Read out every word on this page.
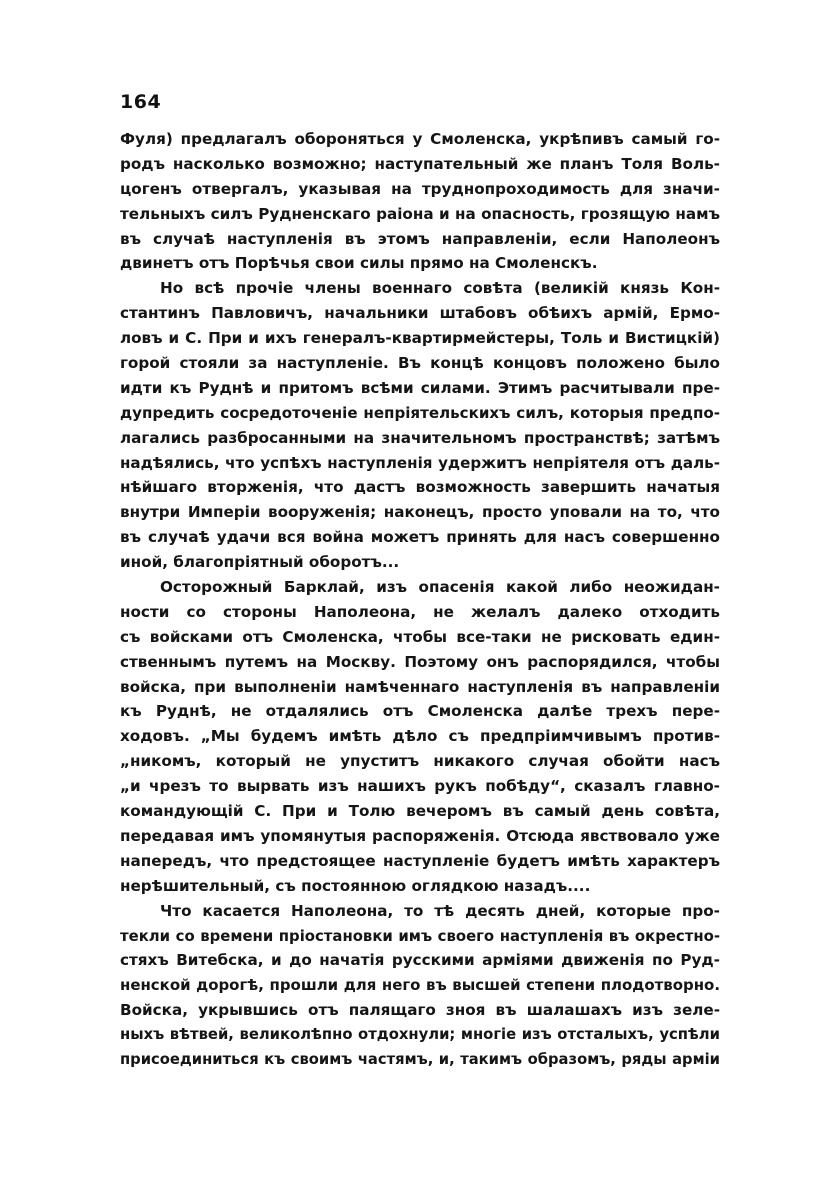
164
Фуля) предлагалъ обороняться у Смоленска, укрѣпивъ самый го-
родъ насколько возможно; наступательный же планъ Толя Воль-
цогенъ отвергалъ, указывая на труднопроходимость для значи-
тельныхъ силъ Рудненскаго раіона и на опасность, грозящую намъ
въ случаѣ наступленія въ этомъ направленіи, если Наполеонъ
двинетъ отъ Порѣчья свои силы прямо на Смоленскъ.
Но всѣ прочіе члены военнаго совѣта (великій князь Кон-
стантинъ Павловичъ, начальники штабовъ обѣихъ армій, Ермо-
ловъ и С. При и ихъ генералъ-квартирмейстеры, Толь и Вистицкій)
горой стояли за наступленіе. Въ концѣ концовъ положено было
идти къ Руднѣ и притомъ всѣми силами. Этимъ расчитывали пре-
дупредить сосредоточеніе непріятельскихъ силъ, которыя предпо-
лагались разбросанными на значительномъ пространствѣ; затѣмъ
надѣялись, что успѣхъ наступленія удержитъ непріятеля отъ даль-
нѣйшаго вторженія, что дастъ возможность завершить начатыя
внутри Имперіи вооруженія; наконецъ, просто уповали на то, что
въ случаѣ удачи вся война можетъ принять для насъ совершенно
иной, благопріятный оборотъ...
Осторожный Барклай, изъ опасенія какой либо неожидан-
ности со стороны Наполеона, не желалъ далеко отходить
съ войсками отъ Смоленска, чтобы все-таки не рисковать един-
ственнымъ путемъ на Москву. Поэтому онъ распорядился, чтобы
войска, при выполненіи намѣченнаго наступленія въ направленіи
къ Руднѣ, не отдалялись отъ Смоленска далѣе трехъ пере-
ходовъ. „Мы будемъ имѣть дѣло съ предпріимчивымъ против-
„никомъ, который не упуститъ никакого случая обойти насъ
„и чрезъ то вырвать изъ нашихъ рукъ побѣду“, сказалъ главно-
командующій С. При и Толю вечеромъ въ самый день совѣта,
передавая имъ упомянутыя распоряженія. Отсюда явствовало уже
напередъ, что предстоящее наступленіе будетъ имѣть характеръ
нерѣшительный, съ постоянною оглядкою назадъ....
Что касается Наполеона, то тѣ десять дней, которые про-
текли со времени пріостановки имъ своего наступленія въ окрестно-
стяхъ Витебска, и до начатія русскими арміями движенія по Руд-
ненской дорогѣ, прошли для него въ высшей степени плодотворно.
Войска, укрывшись отъ палящаго зноя въ шалашахъ изъ зеле-
ныхъ вѣтвей, великолѣпно отдохнули; многіе изъ отсталыхъ, успѣли
присоединиться къ своимъ частямъ, и, такимъ образомъ, ряды арміи
